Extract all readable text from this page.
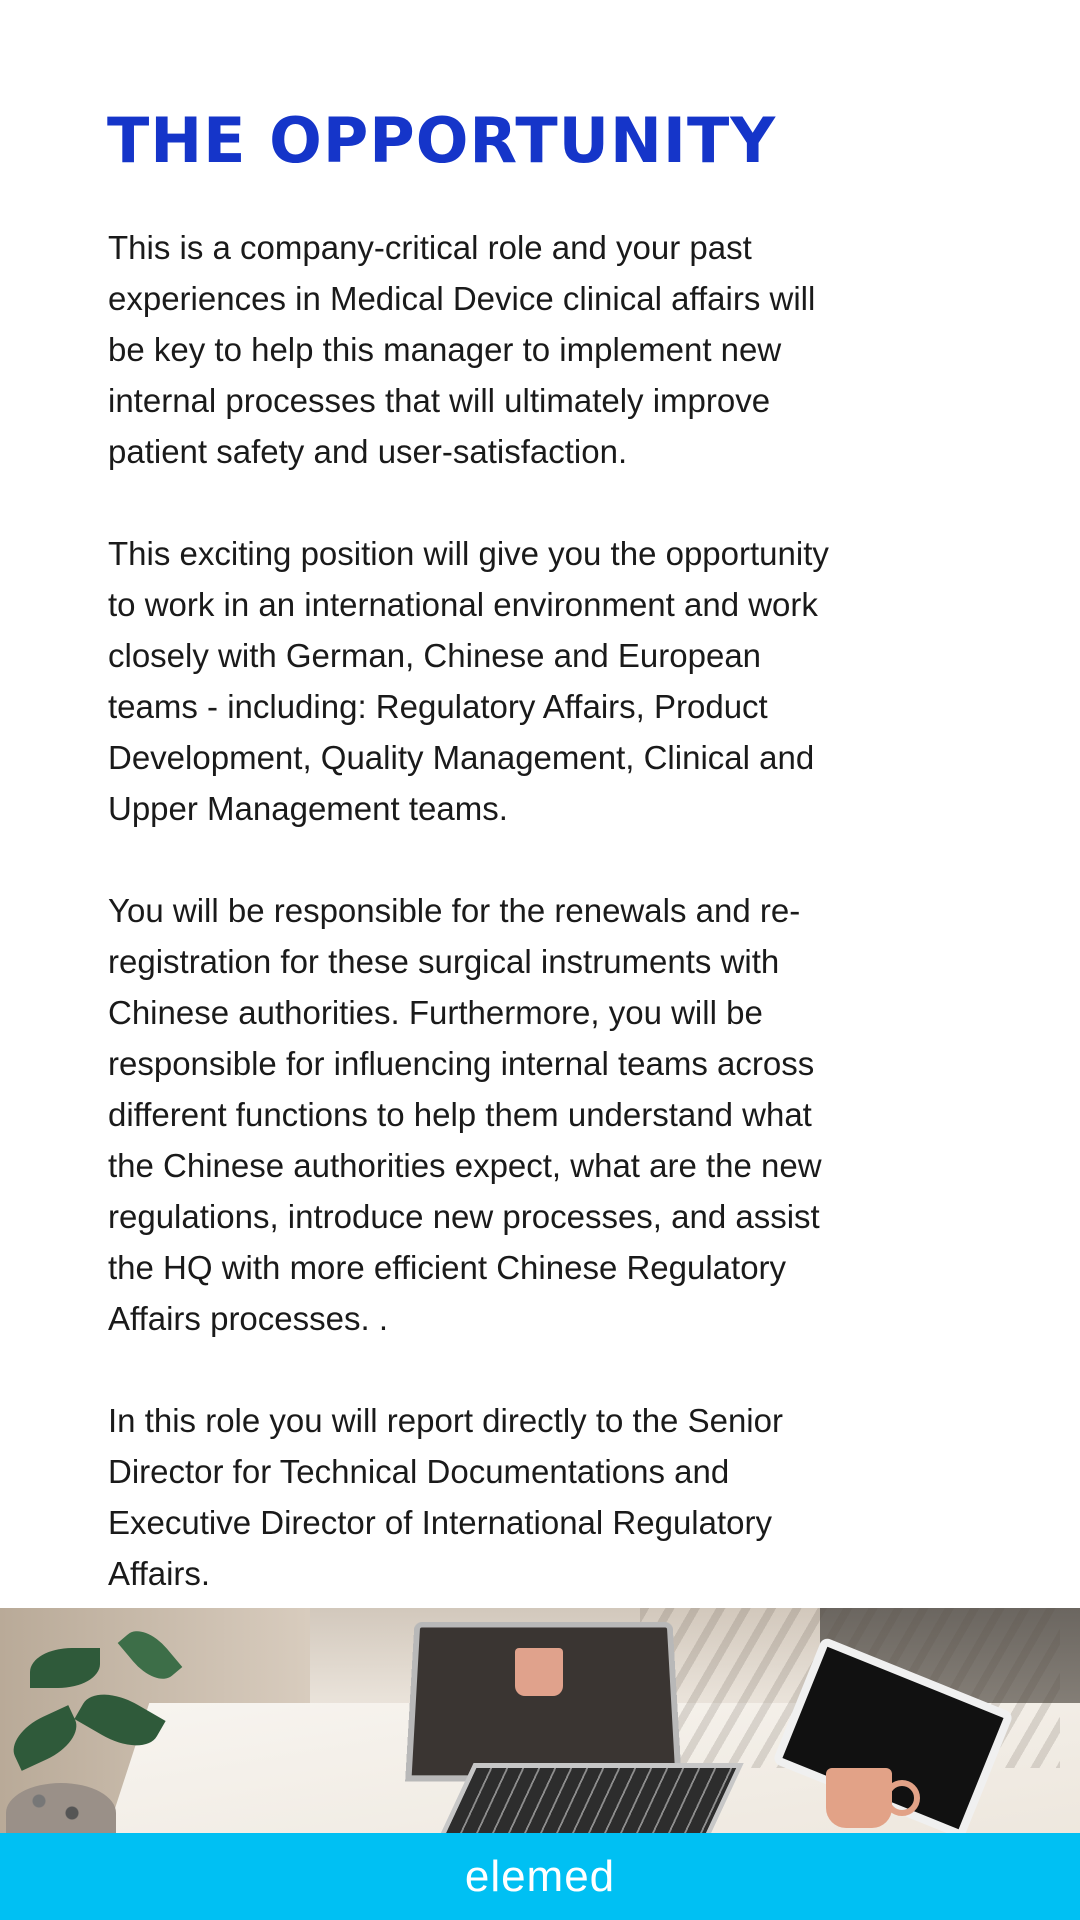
THE OPPORTUNITY

This is a company-critical role and your past
experiences in Medical Device clinical affairs will
be key to help this manager to implement new
internal processes that will ultimately improve
patient safety and user-satisfaction.

This exciting position will give you the opportunity
to work in an international environment and work
closely with German, Chinese and European
teams - including: Regulatory Affairs, Product
Development, Quality Management, Clinical and
Upper Management teams.

You will be responsible for the renewals and re-
registration for these surgical instruments with
Chinese authorities. Furthermore, you will be
responsible for influencing internal teams across
different functions to help them understand what
the Chinese authorities expect, what are the new
regulations, introduce new processes, and assist
the HQ with more efficient Chinese Regulatory
Affairs processes. .

In this role you will report directly to the Senior
Director for Technical Documentations and
Executive Director of International Regulatory
Affairs.

elemed
